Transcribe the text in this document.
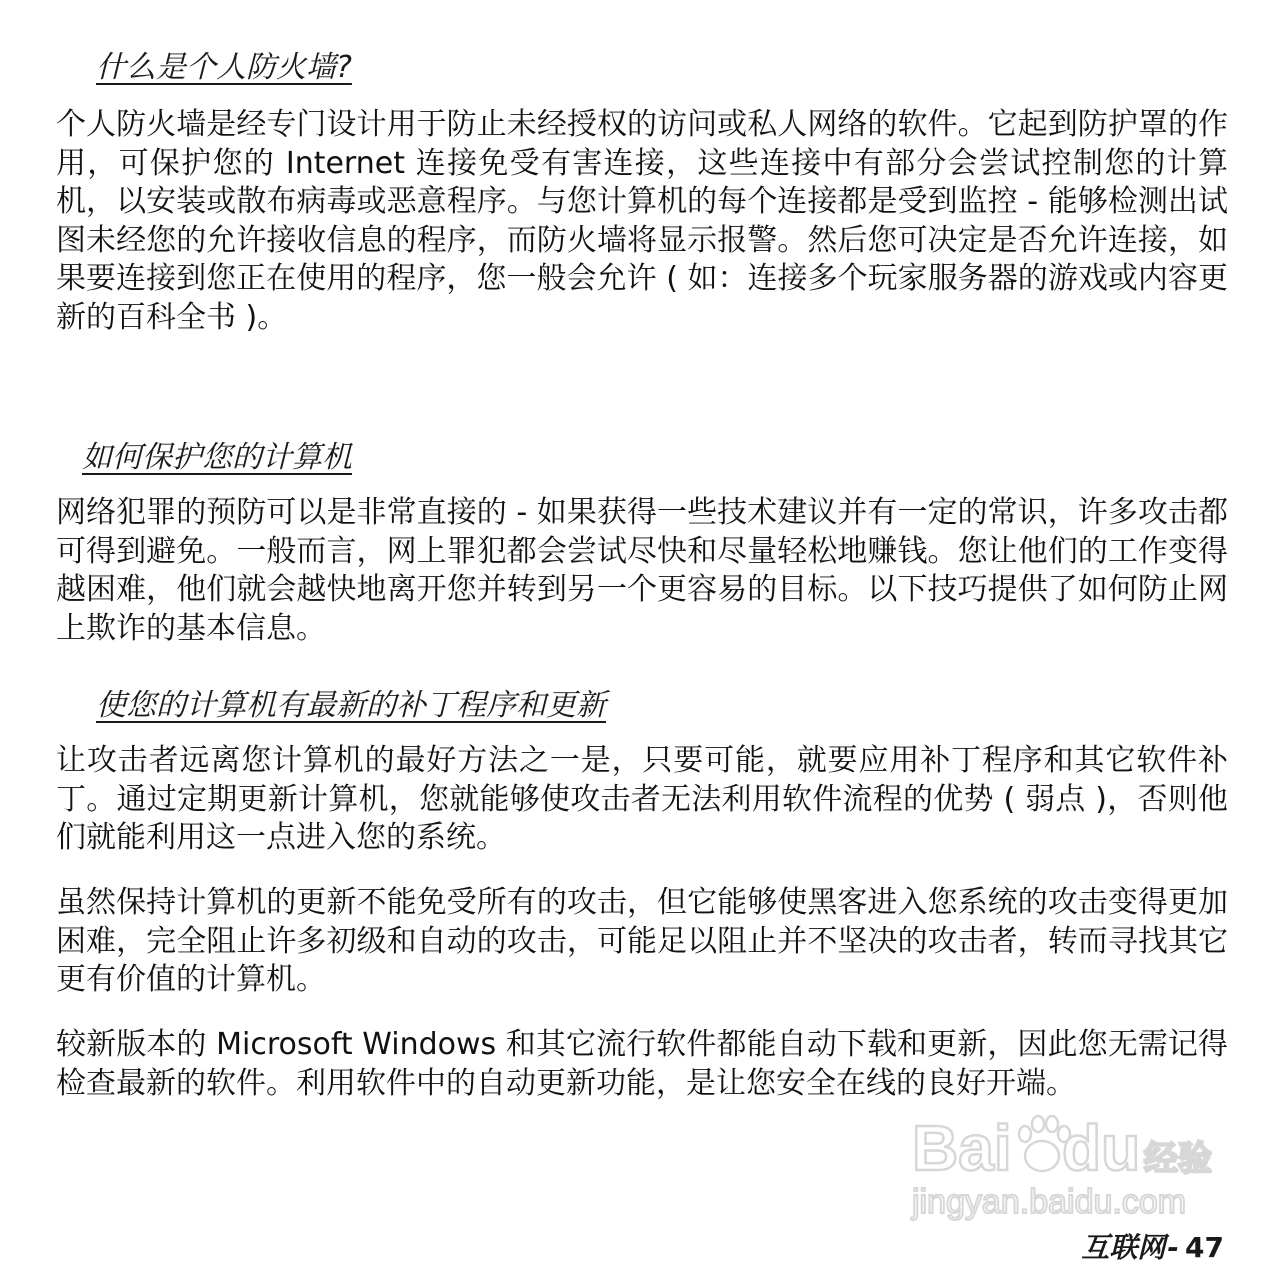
什么是个人防火墙?

个人防火墙是经专门设计用于防止未经授权的访问或私人网络的软件。它起到防护罩的作用，可保护您的 Internet 连接免受有害连接，这些连接中有部分会尝试控制您的计算机，以安装或散布病毒或恶意程序。与您计算机的每个连接都是受到监控 - 能够检测出试图未经您的允许接收信息的程序，而防火墙将显示报警。然后您可决定是否允许连接，如果要连接到您正在使用的程序，您一般会允许 ( 如：连接多个玩家服务器的游戏或内容更新的百科全书 )。

如何保护您的计算机

网络犯罪的预防可以是非常直接的 - 如果获得一些技术建议并有一定的常识，许多攻击都可得到避免。一般而言，网上罪犯都会尝试尽快和尽量轻松地赚钱。您让他们的工作变得越困难，他们就会越快地离开您并转到另一个更容易的目标。以下技巧提供了如何防止网上欺诈的基本信息。

使您的计算机有最新的补丁程序和更新

让攻击者远离您计算机的最好方法之一是，只要可能，就要应用补丁程序和其它软件补丁。通过定期更新计算机，您就能够使攻击者无法利用软件流程的优势 ( 弱点 )，否则他们就能利用这一点进入您的系统。

虽然保持计算机的更新不能免受所有的攻击，但它能够使黑客进入您系统的攻击变得更加困难，完全阻止许多初级和自动的攻击，可能足以阻止并不坚决的攻击者，转而寻找其它更有价值的计算机。

较新版本的 Microsoft Windows 和其它流行软件都能自动下载和更新，因此您无需记得检查最新的软件。利用软件中的自动更新功能，是让您安全在线的良好开端。

Bai du 经验
jingyan.baidu.com
互联网- 47
